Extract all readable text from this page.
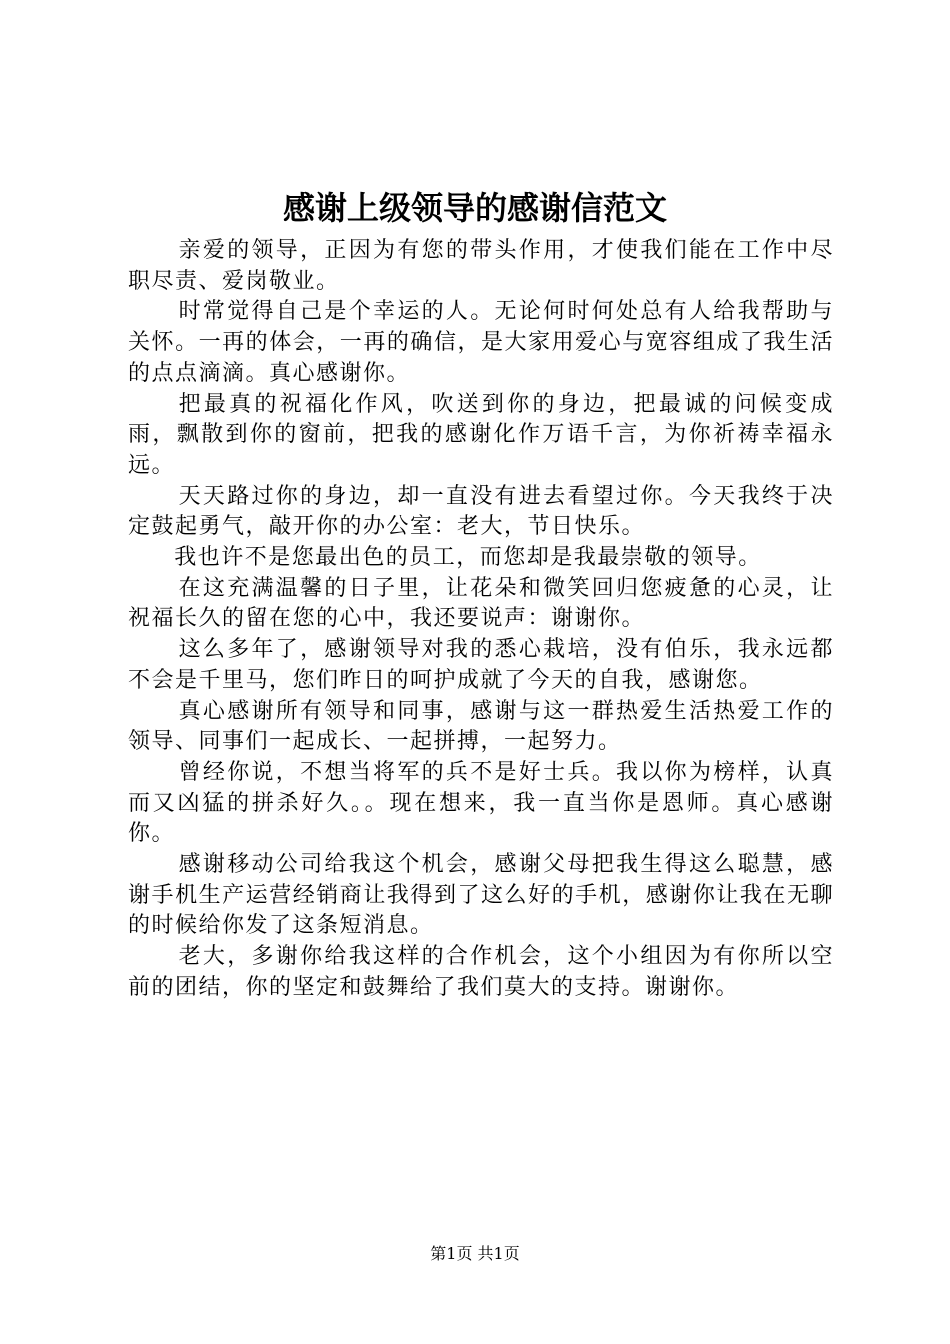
感谢上级领导的感谢信范文

亲爱的领导，正因为有您的带头作用，才使我们能在工作中尽职尽责、爱岗敬业。

时常觉得自己是个幸运的人。无论何时何处总有人给我帮助与关怀。一再的体会，一再的确信，是大家用爱心与宽容组成了我生活的点点滴滴。真心感谢你。

把最真的祝福化作风，吹送到你的身边，把最诚的问候变成雨，飘散到你的窗前，把我的感谢化作万语千言，为你祈祷幸福永远。

天天路过你的身边，却一直没有进去看望过你。今天我终于决定鼓起勇气，敲开你的办公室：老大，节日快乐。

我也许不是您最出色的员工，而您却是我最崇敬的领导。

在这充满温馨的日子里，让花朵和微笑回归您疲惫的心灵，让祝福长久的留在您的心中，我还要说声：谢谢你。

这么多年了，感谢领导对我的悉心栽培，没有伯乐，我永远都不会是千里马，您们昨日的呵护成就了今天的自我，感谢您。

真心感谢所有领导和同事，感谢与这一群热爱生活热爱工作的领导、同事们一起成长、一起拼搏，一起努力。

曾经你说，不想当将军的兵不是好士兵。我以你为榜样，认真而又凶猛的拼杀好久。。现在想来，我一直当你是恩师。真心感谢你。

感谢移动公司给我这个机会，感谢父母把我生得这么聪慧，感谢手机生产运营经销商让我得到了这么好的手机，感谢你让我在无聊的时候给你发了这条短消息。

老大，多谢你给我这样的合作机会，这个小组因为有你所以空前的团结，你的坚定和鼓舞给了我们莫大的支持。谢谢你。

第1页 共1页
